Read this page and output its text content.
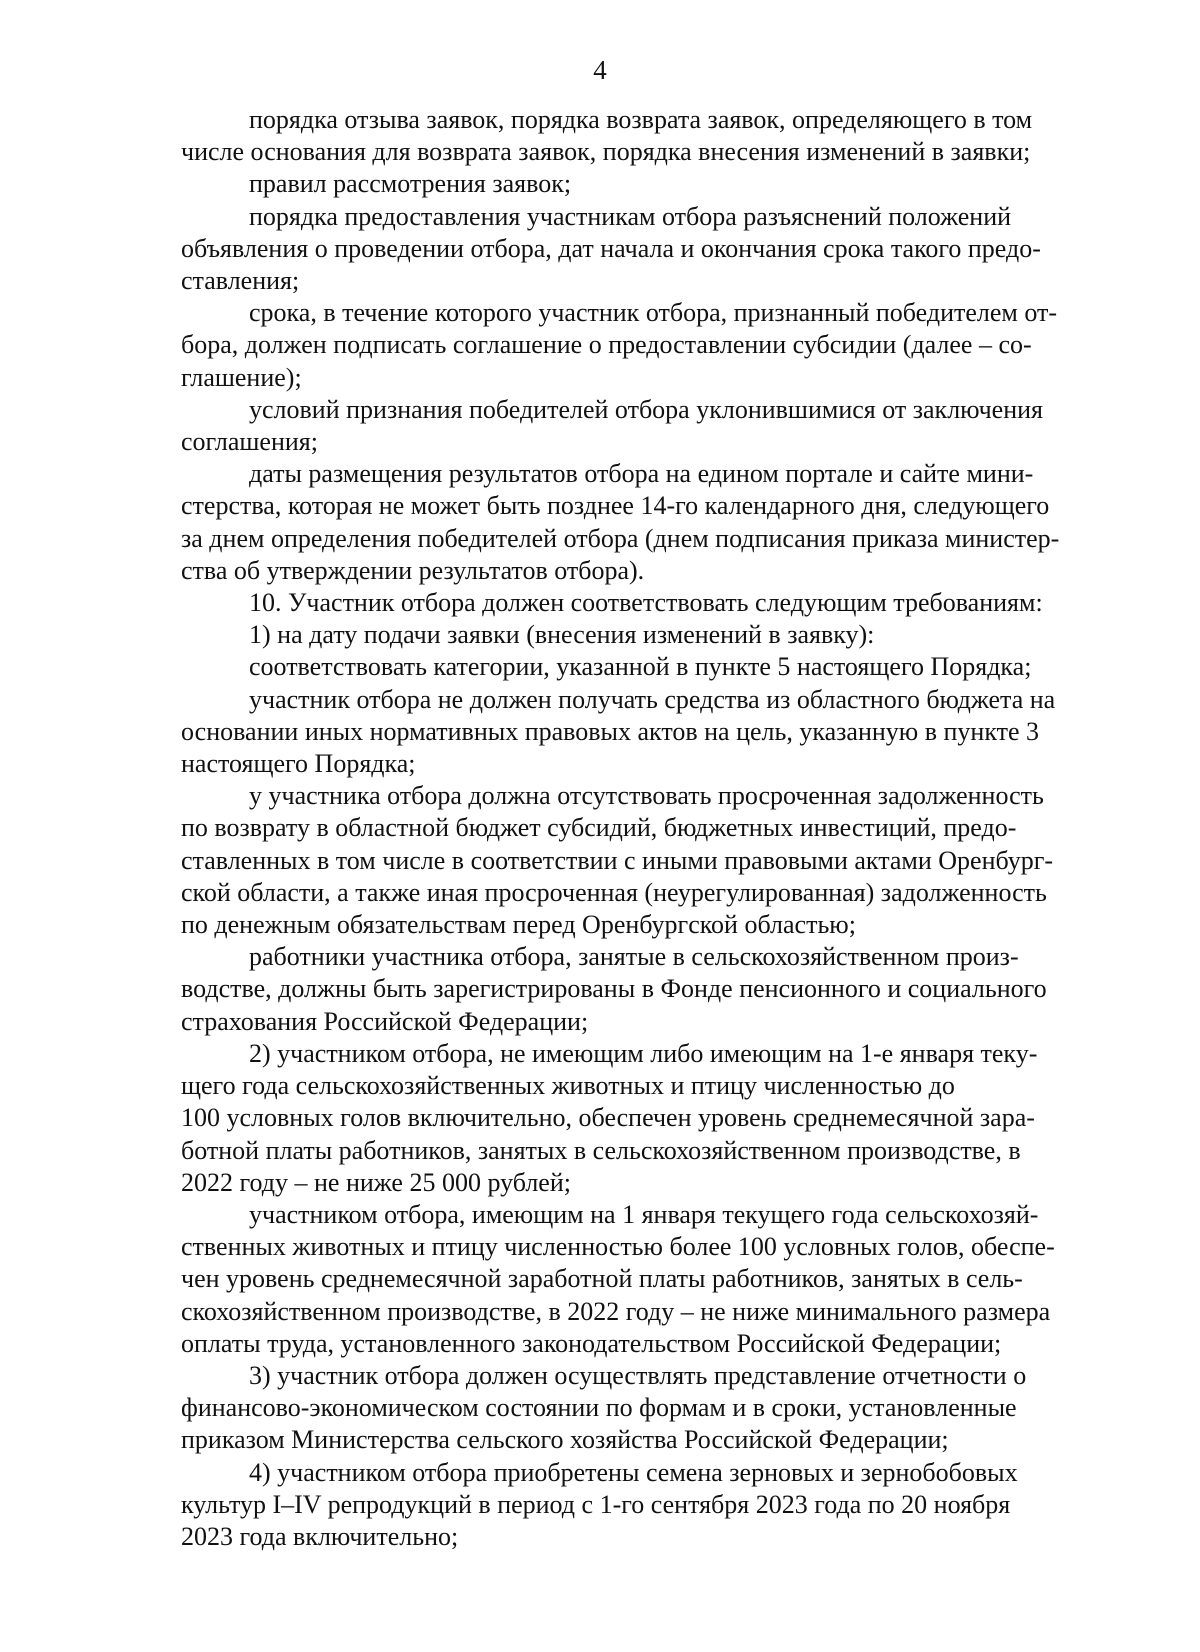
4

порядка отзыва заявок, порядка возврата заявок, определяющего в том
числе основания для возврата заявок, порядка внесения изменений в заявки;

правил рассмотрения заявок;

порядка предоставления участникам отбора разъяснений положений
объявления о проведении отбора, дат начала и окончания срока такого предо-
ставления;

срока, в течение которого участник отбора, признанный победителем от-
бора, должен подписать соглашение о предоставлении субсидии (далее – со-
глашение);

условий признания победителей отбора уклонившимися от заключения
соглашения;

даты размещения результатов отбора на едином портале и сайте мини-
стерства, которая не может быть позднее 14-го календарного дня, следующего
за днем определения победителей отбора (днем подписания приказа министер-
ства об утверждении результатов отбора).

10. Участник отбора должен соответствовать следующим требованиям:

1) на дату подачи заявки (внесения изменений в заявку):

соответствовать категории, указанной в пункте 5 настоящего Порядка;

участник отбора не должен получать средства из областного бюджета на
основании иных нормативных правовых актов на цель, указанную в пункте 3
настоящего Порядка;

у участника отбора должна отсутствовать просроченная задолженность
по возврату в областной бюджет субсидий, бюджетных инвестиций, предо-
ставленных в том числе в соответствии с иными правовыми актами Оренбург-
ской области, а также иная просроченная (неурегулированная) задолженность
по денежным обязательствам перед Оренбургской областью;

работники участника отбора, занятые в сельскохозяйственном произ-
водстве, должны быть зарегистрированы в Фонде пенсионного и социального
страхования Российской Федерации;

2) участником отбора, не имеющим либо имеющим на 1-е января теку-
щего года сельскохозяйственных животных и птицу численностью до
100 условных голов включительно, обеспечен уровень среднемесячной зара-
ботной платы работников, занятых в сельскохозяйственном производстве, в
2022 году – не ниже 25 000 рублей;

участником отбора, имеющим на 1 января текущего года сельскохозяй-
ственных животных и птицу численностью более 100 условных голов, обеспе-
чен уровень среднемесячной заработной платы работников, занятых в сель-
скохозяйственном производстве, в 2022 году – не ниже минимального размера
оплаты труда, установленного законодательством Российской Федерации;

3) участник отбора должен осуществлять представление отчетности о
финансово-экономическом состоянии по формам и в сроки, установленные
приказом Министерства сельского хозяйства Российской Федерации;

4) участником отбора приобретены семена зерновых и зернобобовых
культур I–IV репродукций в период с 1-го сентября 2023 года по 20 ноября
2023 года включительно;
